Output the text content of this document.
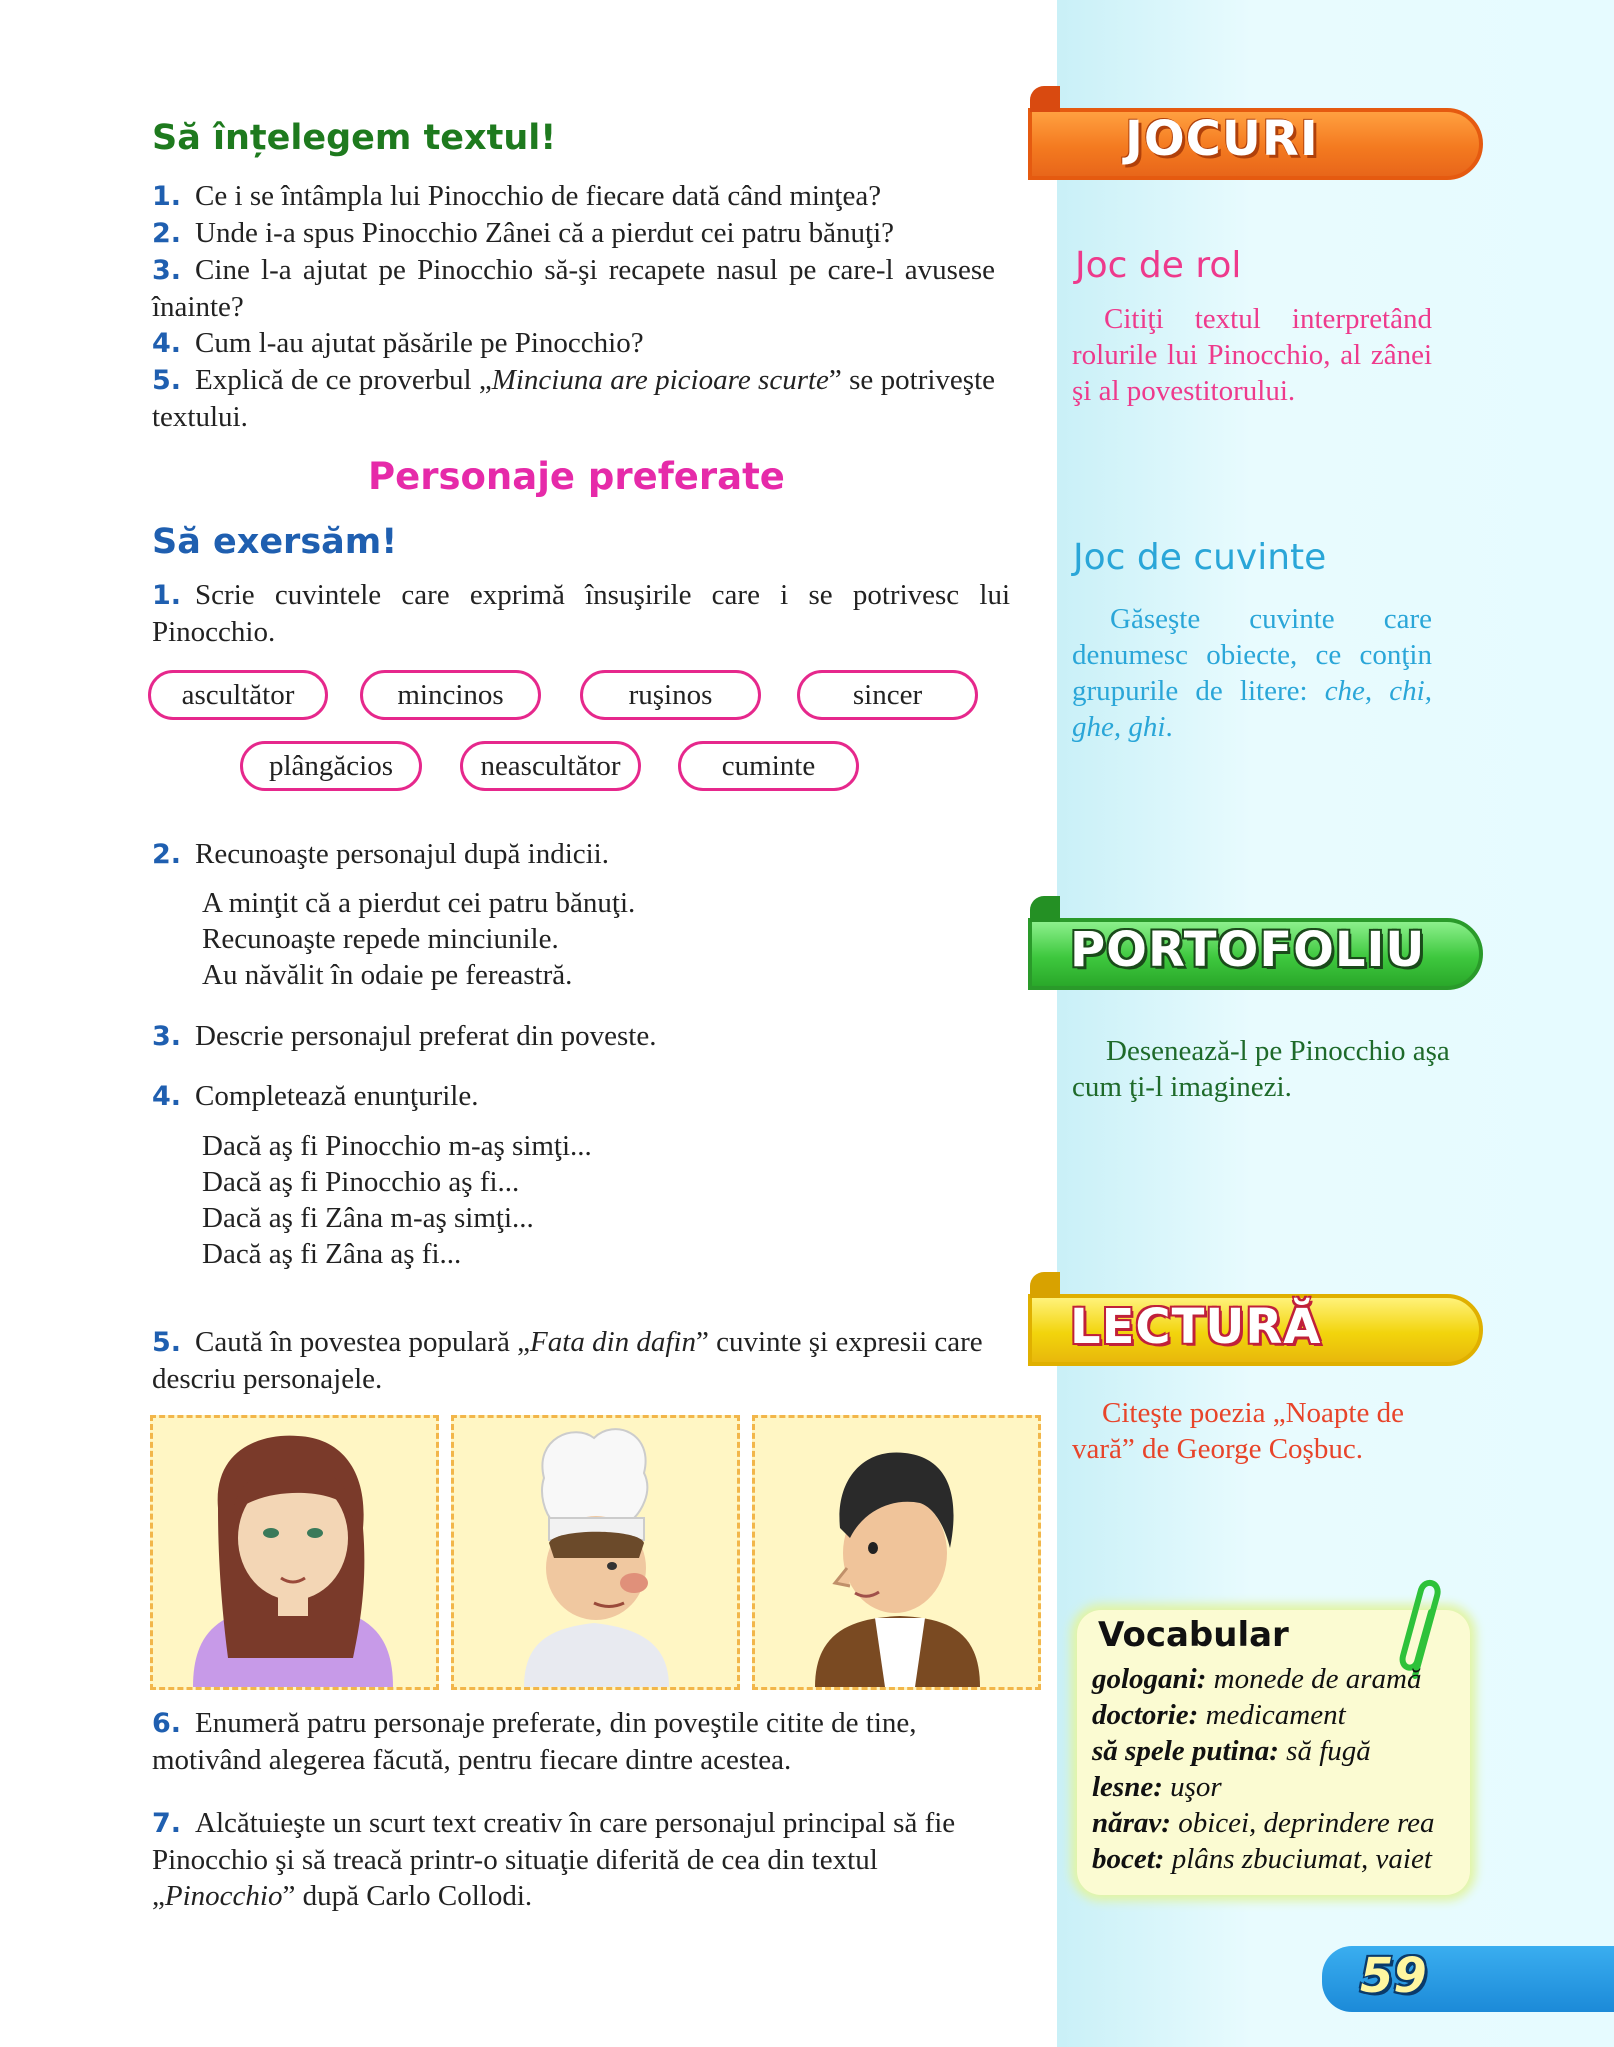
Să înțelegem textul!
1. Ce i se întâmpla lui Pinocchio de fiecare dată când minţea?
2. Unde i-a spus Pinocchio Zânei că a pierdut cei patru bănuţi?
3. Cine l-a ajutat pe Pinocchio să-şi recapete nasul pe care-l avusese înainte?
4. Cum l-au ajutat păsările pe Pinocchio?
5. Explică de ce proverbul „Minciuna are picioare scurte” se potriveşte textului.
Personaje preferate
Să exersăm!
1. Scrie cuvintele care exprimă însuşirile care i se potrivesc lui Pinocchio.
ascultător	mincinos	ruşinos	sincer
plângăcios	neascultător	cuminte
2. Recunoaşte personajul după indicii.
A minţit că a pierdut cei patru bănuţi.
Recunoaşte repede minciunile.
Au năvălit în odaie pe fereastră.
3. Descrie personajul preferat din poveste.
4. Completează enunţurile.
Dacă aş fi Pinocchio m-aş simţi...
Dacă aş fi Pinocchio aş fi...
Dacă aş fi Zâna m-aş simţi...
Dacă aş fi Zâna aş fi...
5. Caută în povestea populară „Fata din dafin” cuvinte şi expresii care descriu personajele.
6. Enumeră patru personaje preferate, din poveştile citite de tine, motivând alegerea făcută, pentru fiecare dintre acestea.
7. Alcătuieşte un scurt text creativ în care personajul principal să fie Pinocchio şi să treacă printr-o situaţie diferită de cea din textul „Pinocchio” după Carlo Collodi.
JOCURI
Joc de rol
Citiţi textul interpretând rolurile lui Pinocchio, al zânei şi al povestitorului.
Joc de cuvinte
Găseşte cuvinte care denumesc obiecte, ce conţin grupurile de litere: che, chi, ghe, ghi.
PORTOFOLIU
Desenează-l pe Pinocchio aşa cum ţi-l imaginezi.
LECTURĂ
Citeşte poezia „Noapte de vară” de George Coşbuc.
Vocabular
gologani: monede de aramă
doctorie: medicament
să spele putina: să fugă
lesne: uşor
nărav: obicei, deprindere rea
bocet: plâns zbuciumat, vaiet
59
